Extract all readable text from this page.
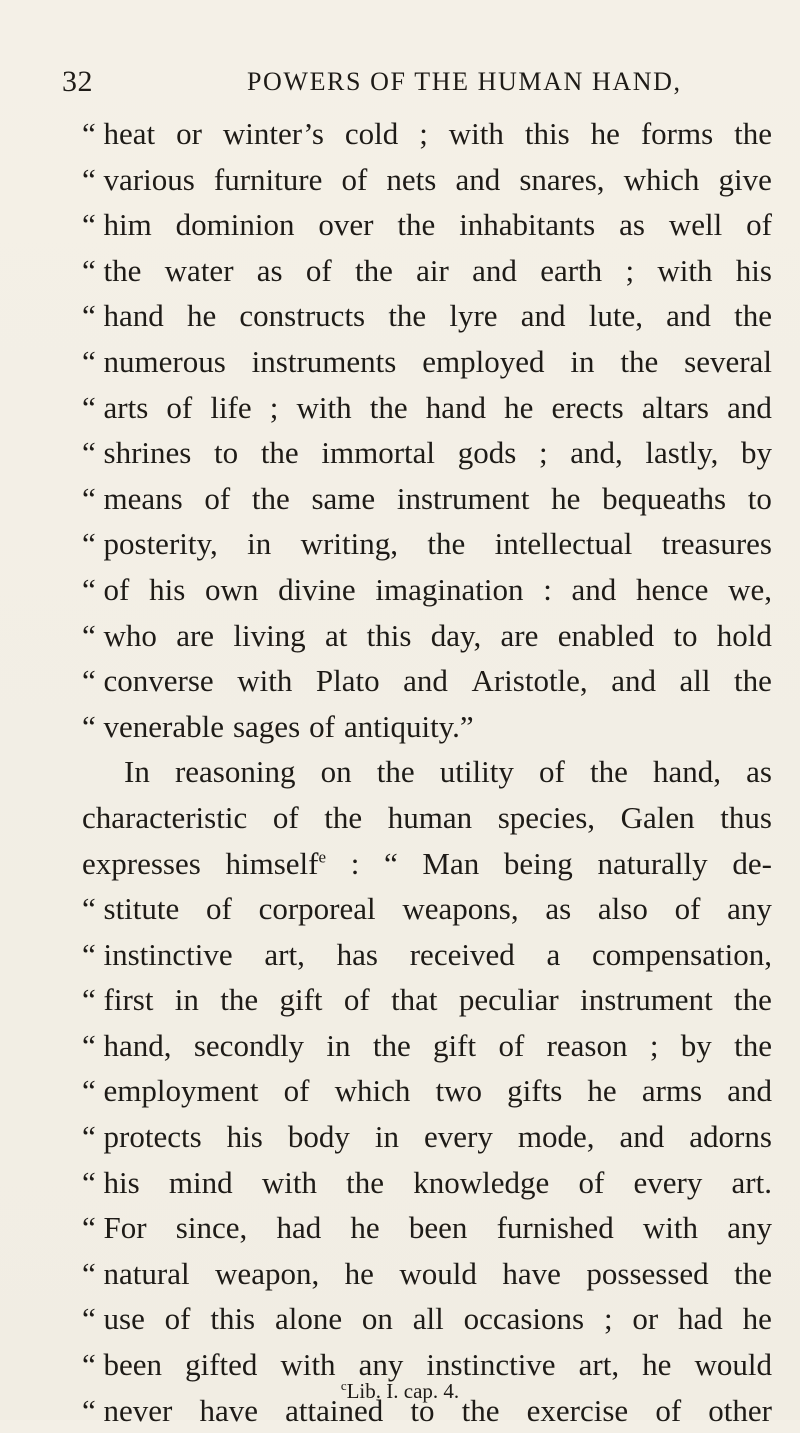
32	POWERS OF THE HUMAN HAND,
“ heat or winter’s cold ; with this he forms the
“ various furniture of nets and snares, which give
“ him dominion over the inhabitants as well of
“ the water as of the air and earth ; with his
“ hand he constructs the lyre and lute, and the
“ numerous instruments employed in the several
“ arts of life ; with the hand he erects altars and
“ shrines to the immortal gods ; and, lastly, by
“ means of the same instrument he bequeaths to
“ posterity, in writing, the intellectual treasures
“ of his own divine imagination : and hence we,
“ who are living at this day, are enabled to hold
“ converse with Plato and Aristotle, and all the
“ venerable sages of antiquity.”
In reasoning on the utility of the hand, as
characteristic of the human species, Galen thus
expresses himself$^e$ : “ Man being naturally de-
“ stitute of corporeal weapons, as also of any
“ instinctive art, has received a compensation,
“ first in the gift of that peculiar instrument the
“ hand, secondly in the gift of reason ; by the
“ employment of which two gifts he arms and
“ protects his body in every mode, and adorns
“ his mind with the knowledge of every art.
“ For since, had he been furnished with any
“ natural weapon, he would have possessed the
“ use of this alone on all occasions ; or had he
“ been gifted with any instinctive art, he would
“ never have attained to the exercise of other
$^c$Lib. I. cap. 4.
